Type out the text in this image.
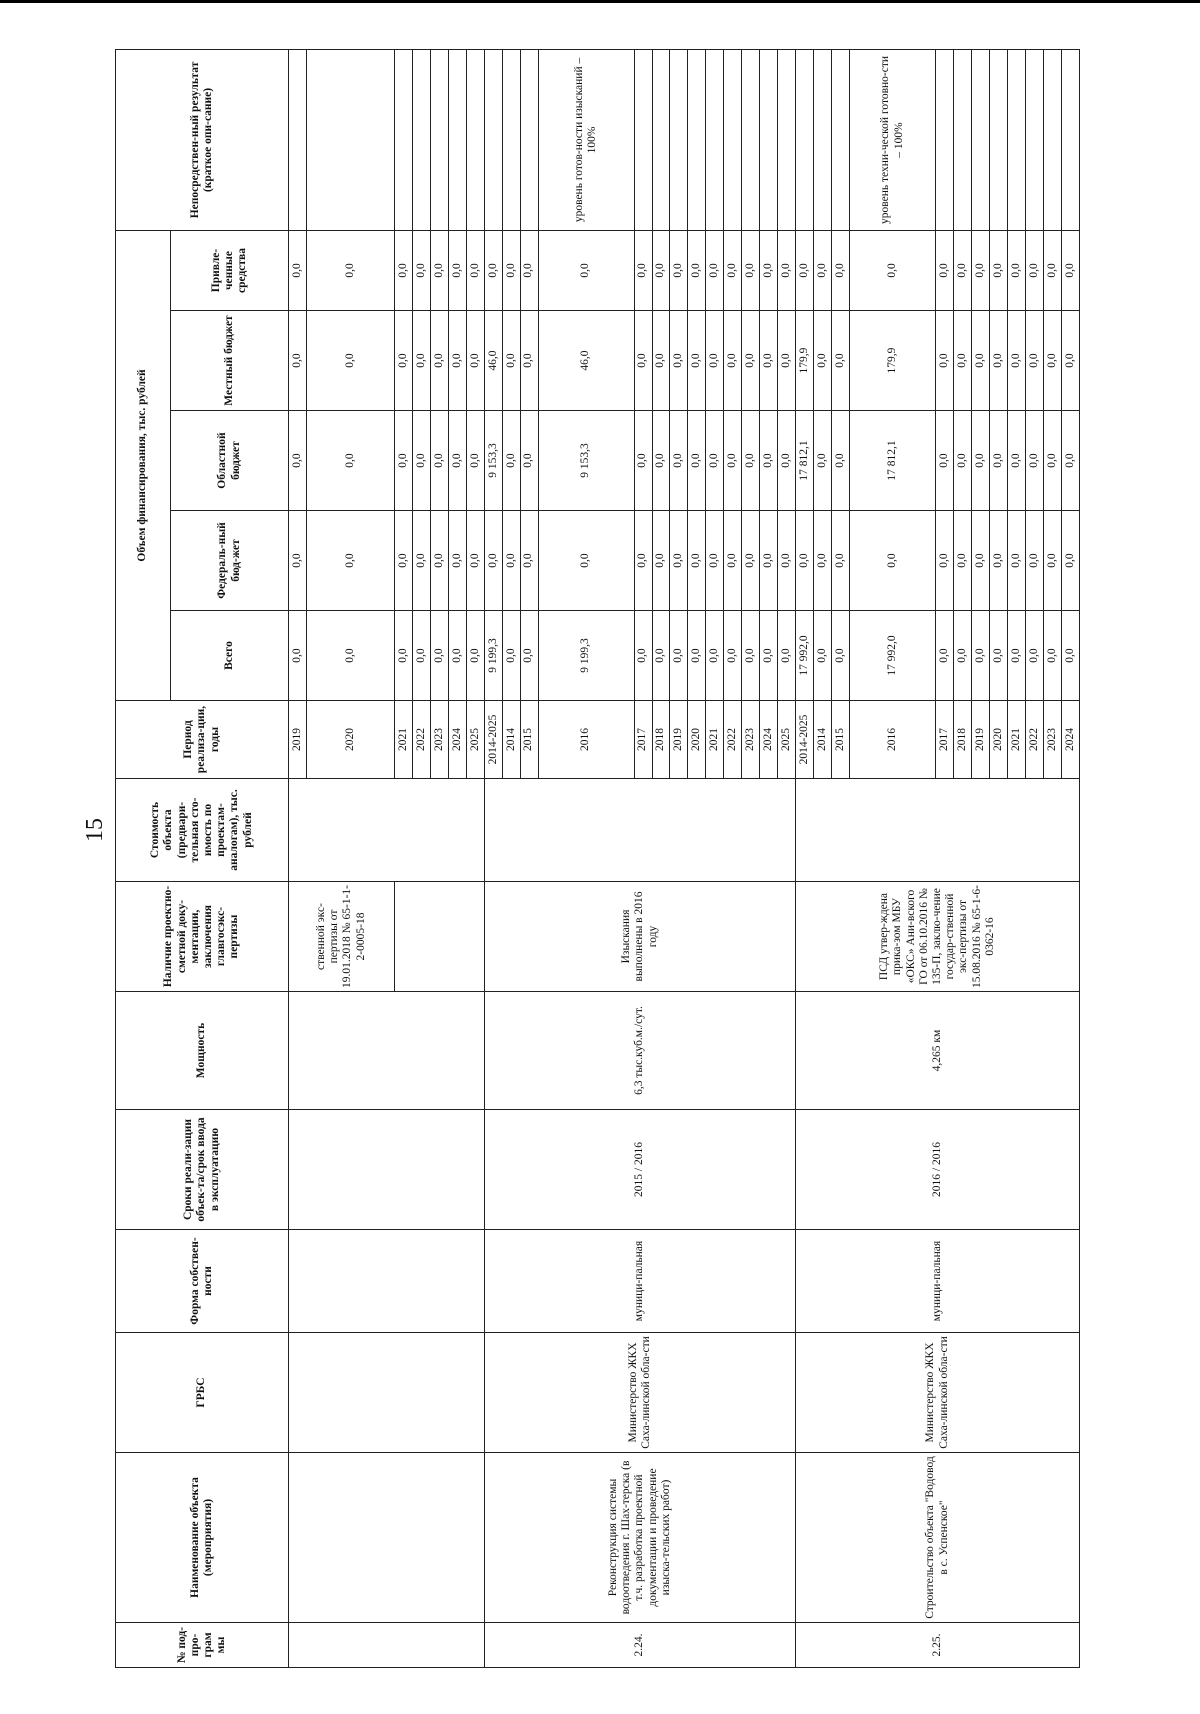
15
№ под-про-грам мы	Наименование объекта (мероприятия)	ГРБС	Форма собствен-ности	Сроки реали-зации объек-та/срок ввода в эксплуатацию	Мощность	Наличие проектно-сметной доку-ментации, заключения главгосэкс-пертизы	Стоимость объекта (предвари-тельная сто-имость по проектам-аналогам), тыс. рублей	Период реализа-ции, годы	Объем финансирования, тыс. рублей					Непосредствен-ный результат (краткое опи-сание)
									Всего	Федераль-ный бюд-жет	Областной бюджет	Местный бюджет	Привле-ченные средства	
						ственной экс-пертизы от 19.01.2018 № 65-1-1-2-0005-18		2019	0,0	0,0	0,0	0,0	0,0	
								2020	0,0	0,0	0,0	0,0	0,0	
								2021	0,0	0,0	0,0	0,0	0,0	
								2022	0,0	0,0	0,0	0,0	0,0	
								2023	0,0	0,0	0,0	0,0	0,0	
								2024	0,0	0,0	0,0	0,0	0,0	
								2025	0,0	0,0	0,0	0,0	0,0	
2.24.	Реконструкция системы водоотведения г. Шах-терска (в т.ч. разработка проектной документации и проведение изыска-тельских работ)	Министерство ЖКХ Саха-линской обла-сти	муници-пальная	2015 / 2016	6,3 тыс.куб.м./сут.	Изыскания выполнены в 2016 году		2014-2025	9 199,3	0,0	9 153,3	46,0	0,0	
								2014	0,0	0,0	0,0	0,0	0,0	
								2015	0,0	0,0	0,0	0,0	0,0	
								2016	9 199,3	0,0	9 153,3	46,0	0,0	уровень готов-ности изысканий – 100%
								2017	0,0	0,0	0,0	0,0	0,0	
								2018	0,0	0,0	0,0	0,0	0,0	
								2019	0,0	0,0	0,0	0,0	0,0	
								2020	0,0	0,0	0,0	0,0	0,0	
								2021	0,0	0,0	0,0	0,0	0,0	
								2022	0,0	0,0	0,0	0,0	0,0	
								2023	0,0	0,0	0,0	0,0	0,0	
								2024	0,0	0,0	0,0	0,0	0,0	
								2025	0,0	0,0	0,0	0,0	0,0	
2.25.	Строительство объекта "Водовод в с. Успенское"	Министерство ЖКХ Саха-линской обла-сти	муници-пальная	2016 / 2016	4,265 км	ПСД утвер-ждена прика-зом МБУ «ОКС» Ани-вского ГО от 06.10.2016 № 135-П, заклю-чение государ-ственной экс-пертизы от 15.08.2016 № 65-1-6-0362-16		2014-2025	17 992,0	0,0	17 812,1	179,9	0,0	
								2014	0,0	0,0	0,0	0,0	0,0	
								2015	0,0	0,0	0,0	0,0	0,0	
								2016	17 992,0	0,0	17 812,1	179,9	0,0	уровень техни-ческой готовно-сти – 100%
								2017	0,0	0,0	0,0	0,0	0,0	
								2018	0,0	0,0	0,0	0,0	0,0	
								2019	0,0	0,0	0,0	0,0	0,0	
								2020	0,0	0,0	0,0	0,0	0,0	
								2021	0,0	0,0	0,0	0,0	0,0	
								2022	0,0	0,0	0,0	0,0	0,0	
								2023	0,0	0,0	0,0	0,0	0,0	
								2024	0,0	0,0	0,0	0,0	0,0	
